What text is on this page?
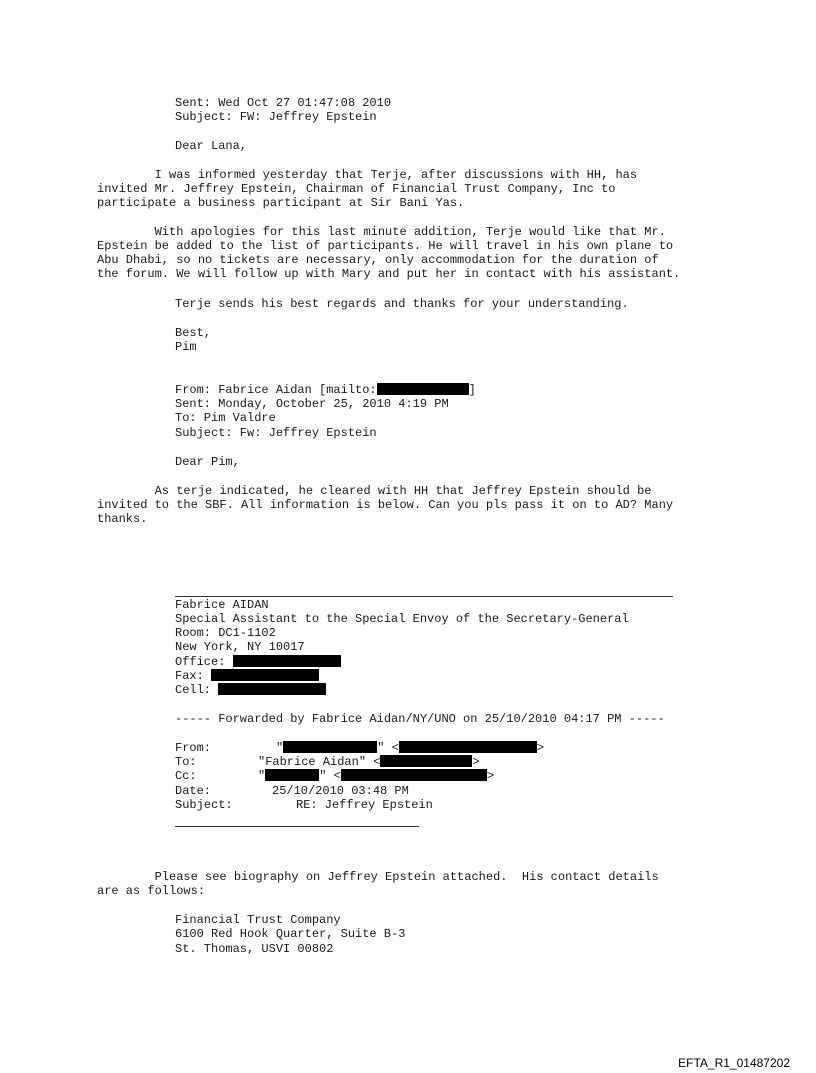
Sent: Wed Oct 27 01:47:08 2010

Subject: FW: Jeffrey Epstein

Dear Lana,

I was informed yesterday that Terje, after discussions with HH, has

invited Mr. Jeffrey Epstein, Chairman of Financial Trust Company, Inc to

participate a business participant at Sir Bani Yas.

With apologies for this last minute addition, Terje would like that Mr.

Epstein be added to the list of participants. He will travel in his own plane to

Abu Dhabi, so no tickets are necessary, only accommodation for the duration of

the forum. We will follow up with Mary and put her in contact with his assistant.

Terje sends his best regards and thanks for your understanding.

Best,

Pim

From: Fabrice Aidan [mailto:	]

Sent: Monday, October 25, 2010 4:19 PM

To: Pim Valdre

Subject: Fw: Jeffrey Epstein

Dear Pim,

As terje indicated, he cleared with HH that Jeffrey Epstein should be

invited to the SBF. All information is below. Can you pls pass it on to AD? Many

thanks.

Fabrice AIDAN

Special Assistant to the Special Envoy of the Secretary-General

Room: DC1-1102

New York, NY 10017

Office:

Fax:

Cell:

----- Forwarded by Fabrice Aidan/NY/UNO on 25/10/2010 04:17 PM -----

From:

	"	" <	>

To:

	"Fabrice Aidan" <	>

Cc:

	"	" <	>

Date:

	25/10/2010 03:48 PM

Subject:

	RE: Jeffrey Epstein

Please see biography on Jeffrey Epstein attached.  His contact details

are as follows:

Financial Trust Company

6100 Red Hook Quarter, Suite B-3

St. Thomas, USVI 00802

EFTA_R1_01487202
